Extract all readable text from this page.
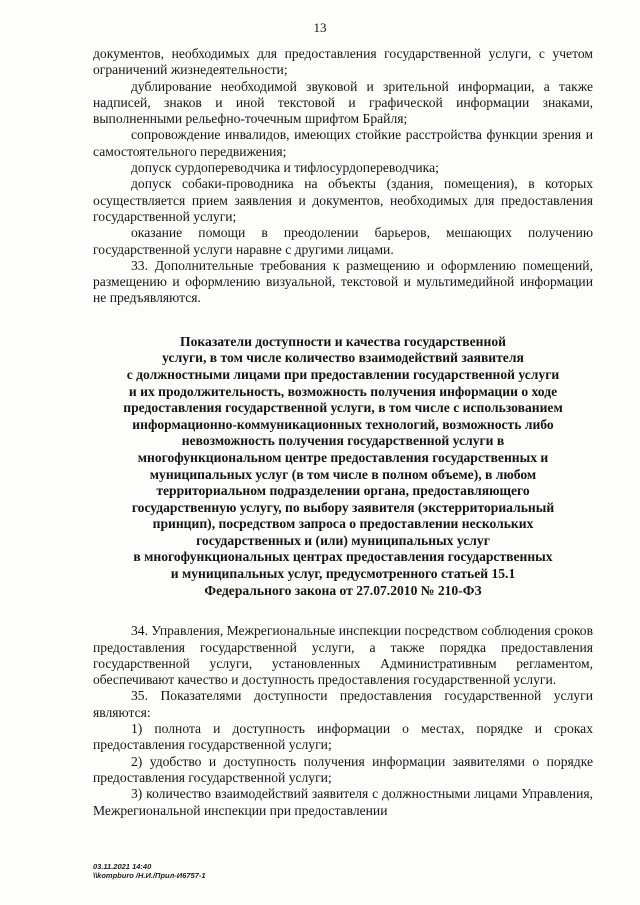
13

документов, необходимых для предоставления государственной услуги, с учетом ограничений жизнедеятельности;

дублирование необходимой звуковой и зрительной информации, а также надписей, знаков и иной текстовой и графической информации знаками, выполненными рельефно-точечным шрифтом Брайля;

сопровождение инвалидов, имеющих стойкие расстройства функции зрения и самостоятельного передвижения;

допуск сурдопереводчика и тифлосурдопереводчика;

допуск собаки-проводника на объекты (здания, помещения), в которых осуществляется прием заявления и документов, необходимых для предоставления государственной услуги;

оказание помощи в преодолении барьеров, мешающих получению государственной услуги наравне с другими лицами.

33. Дополнительные требования к размещению и оформлению помещений, размещению и оформлению визуальной, текстовой и мультимедийной информации не предъявляются.

Показатели доступности и качества государственной
услуги, в том числе количество взаимодействий заявителя
с должностными лицами при предоставлении государственной услуги
и их продолжительность, возможность получения информации о ходе
предоставления государственной услуги, в том числе с использованием
информационно-коммуникационных технологий, возможность либо
невозможность получения государственной услуги в
многофункциональном центре предоставления государственных и
муниципальных услуг (в том числе в полном объеме), в любом
территориальном подразделении органа, предоставляющего
государственную услугу, по выбору заявителя (экстерриториальный
принцип), посредством запроса о предоставлении нескольких
государственных и (или) муниципальных услуг
в многофункциональных центрах предоставления государственных
и муниципальных услуг, предусмотренного статьей 15.1
Федерального закона от 27.07.2010 № 210-ФЗ

34. Управления, Межрегиональные инспекции посредством соблюдения сроков предоставления государственной услуги, а также порядка предоставления государственной услуги, установленных Административным регламентом, обеспечивают качество и доступность предоставления государственной услуги.

35. Показателями доступности предоставления государственной услуги являются:

1) полнота и доступность информации о местах, порядке и сроках предоставления государственной услуги;

2) удобство и доступность получения информации заявителями о порядке предоставления государственной услуги;

3) количество взаимодействий заявителя с должностными лицами Управления, Межрегиональной инспекции при предоставлении

03.11.2021 14:40
\\kompburo /Н.И./Прил-И6757-1
